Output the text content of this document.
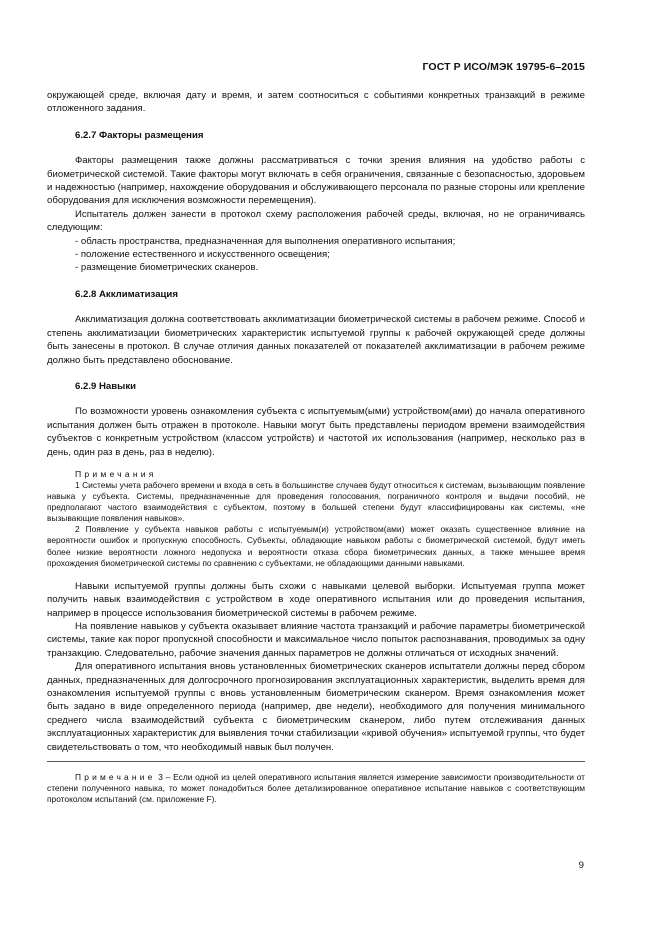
ГОСТ Р ИСО/МЭК 19795-6–2015

окружающей среде, включая дату и время, и затем соотноситься с событиями конкретных транзакций в режиме отложенного задания.

6.2.7 Факторы размещения

Факторы размещения также должны рассматриваться с точки зрения влияния на удобство работы с биометрической системой. Такие факторы могут включать в себя ограничения, связанные с безопасностью, здоровьем и надежностью (например, нахождение оборудования и обслуживающего персонала по разные стороны или крепление оборудования для исключения возможности перемещения).

Испытатель должен занести в протокол схему расположения рабочей среды, включая, но не ограничиваясь следующим:

- область пространства, предназначенная для выполнения оперативного испытания;
- положение естественного и искусственного освещения;
- размещение биометрических сканеров.
6.2.8 Акклиматизация

Акклиматизация должна соответствовать акклиматизации биометрической системы в рабочем режиме. Способ и степень акклиматизации биометрических характеристик испытуемой группы к рабочей окружающей среде должны быть занесены в протокол. В случае отличия данных показателей от показателей акклиматизации в рабочем режиме должно быть представлено обоснование.

6.2.9 Навыки

По возможности уровень ознакомления субъекта с испытуемым(ыми) устройством(ами) до начала оперативного испытания должен быть отражен в протоколе. Навыки могут быть представлены периодом времени взаимодействия субъектов с конкретным устройством (классом устройств) и частотой их использования (например, несколько раз в день, один раз в день, раз в неделю).

Примечания

1 Системы учета рабочего времени и входа в сеть в большинстве случаев будут относиться к системам, вызывающим появление навыка у субъекта. Системы, предназначенные для проведения голосования, пограничного контроля и выдачи пособий, не предполагают частого взаимодействия с субъектом, поэтому в большей степени будут классифицированы как системы, «не вызывающие появления навыков».

2 Появление у субъекта навыков работы с испытуемым(и) устройством(ами) может оказать существенное влияние на вероятности ошибок и пропускную способность. Субъекты, обладающие навыком работы с биометрической системой, будут иметь более низкие вероятности ложного недопуска и вероятности отказа сбора биометрических данных, а также меньшее время прохождения биометрической системы по сравнению с субъектами, не обладающими данными навыками.

Навыки испытуемой группы должны быть схожи с навыками целевой выборки. Испытуемая группа может получить навык взаимодействия с устройством в ходе оперативного испытания или до проведения испытания, например в процессе использования биометрической системы в рабочем режиме.

На появление навыков у субъекта оказывает влияние частота транзакций и рабочие параметры биометрической системы, такие как порог пропускной способности и максимальное число попыток распознавания, проводимых за одну транзакцию. Следовательно, рабочие значения данных параметров не должны отличаться от исходных значений.

Для оперативного испытания вновь установленных биометрических сканеров испытатели должны перед сбором данных, предназначенных для долгосрочного прогнозирования эксплуатационных характеристик, выделить время для ознакомления испытуемой группы с вновь установленным биометрическим сканером. Время ознакомления может быть задано в виде определенного периода (например, две недели), необходимого для получения минимального среднего числа взаимодействий субъекта с биометрическим сканером, либо путем отслеживания данных эксплуатационных характеристик для выявления точки стабилизации «кривой обучения» испытуемой группы, что будет свидетельствовать о том, что необходимый навык был получен.

Примечание 3 – Если одной из целей оперативного испытания является измерение зависимости производительности от степени полученного навыка, то может понадобиться более детализированное оперативное испытание навыков с соответствующим протоколом испытаний (см. приложение F).

9
